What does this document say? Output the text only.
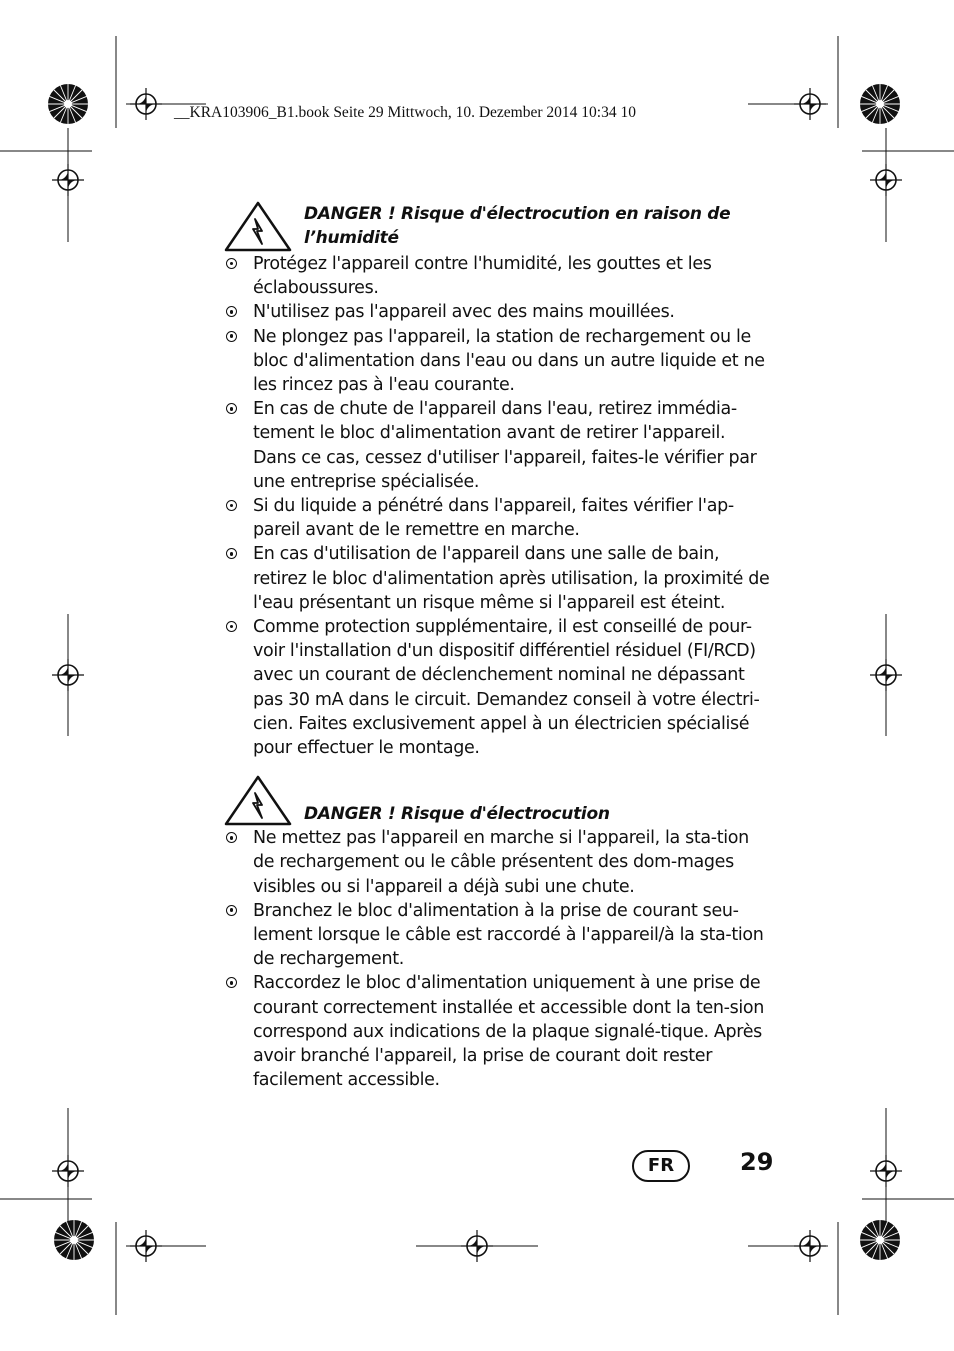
__KRA103906_B1.book Seite 29 Mittwoch, 10. Dezember 2014 10:34 10
DANGER ! Risque d'électrocution en raison de l’humidité
Protégez l'appareil contre l'humidité, les gouttes et les éclaboussures.
N'utilisez pas l'appareil avec des mains mouillées.
Ne plongez pas l'appareil, la station de rechargement ou le bloc d'alimentation dans l'eau ou dans un autre liquide et ne les rincez pas à l'eau courante.
En cas de chute de l'appareil dans l'eau, retirez immédia-tement le bloc d'alimentation avant de retirer l'appareil. Dans ce cas, cessez d'utiliser l'appareil, faites-le vérifier par une entreprise spécialisée.
Si du liquide a pénétré dans l'appareil, faites vérifier l'ap-pareil avant de le remettre en marche.
En cas d'utilisation de l'appareil dans une salle de bain, retirez le bloc d'alimentation après utilisation, la proximité de l'eau présentant un risque même si l'appareil est éteint.
Comme protection supplémentaire, il est conseillé de pour-voir l'installation d'un dispositif différentiel résiduel (FI/RCD) avec un courant de déclenchement nominal ne dépassant pas 30 mA dans le circuit. Demandez conseil à votre électri-cien. Faites exclusivement appel à un électricien spécialisé pour effectuer le montage.
DANGER ! Risque d'électrocution
Ne mettez pas l'appareil en marche si l'appareil, la sta-tion de rechargement ou le câble présentent des dom-mages visibles ou si l'appareil a déjà subi une chute.
Branchez le bloc d'alimentation à la prise de courant seu-lement lorsque le câble est raccordé à l'appareil/à la sta-tion de rechargement.
Raccordez le bloc d'alimentation uniquement à une prise de courant correctement installée et accessible dont la ten-sion correspond aux indications de la plaque signalé-tique. Après avoir branché l'appareil, la prise de courant doit rester facilement accessible.
FR	29
